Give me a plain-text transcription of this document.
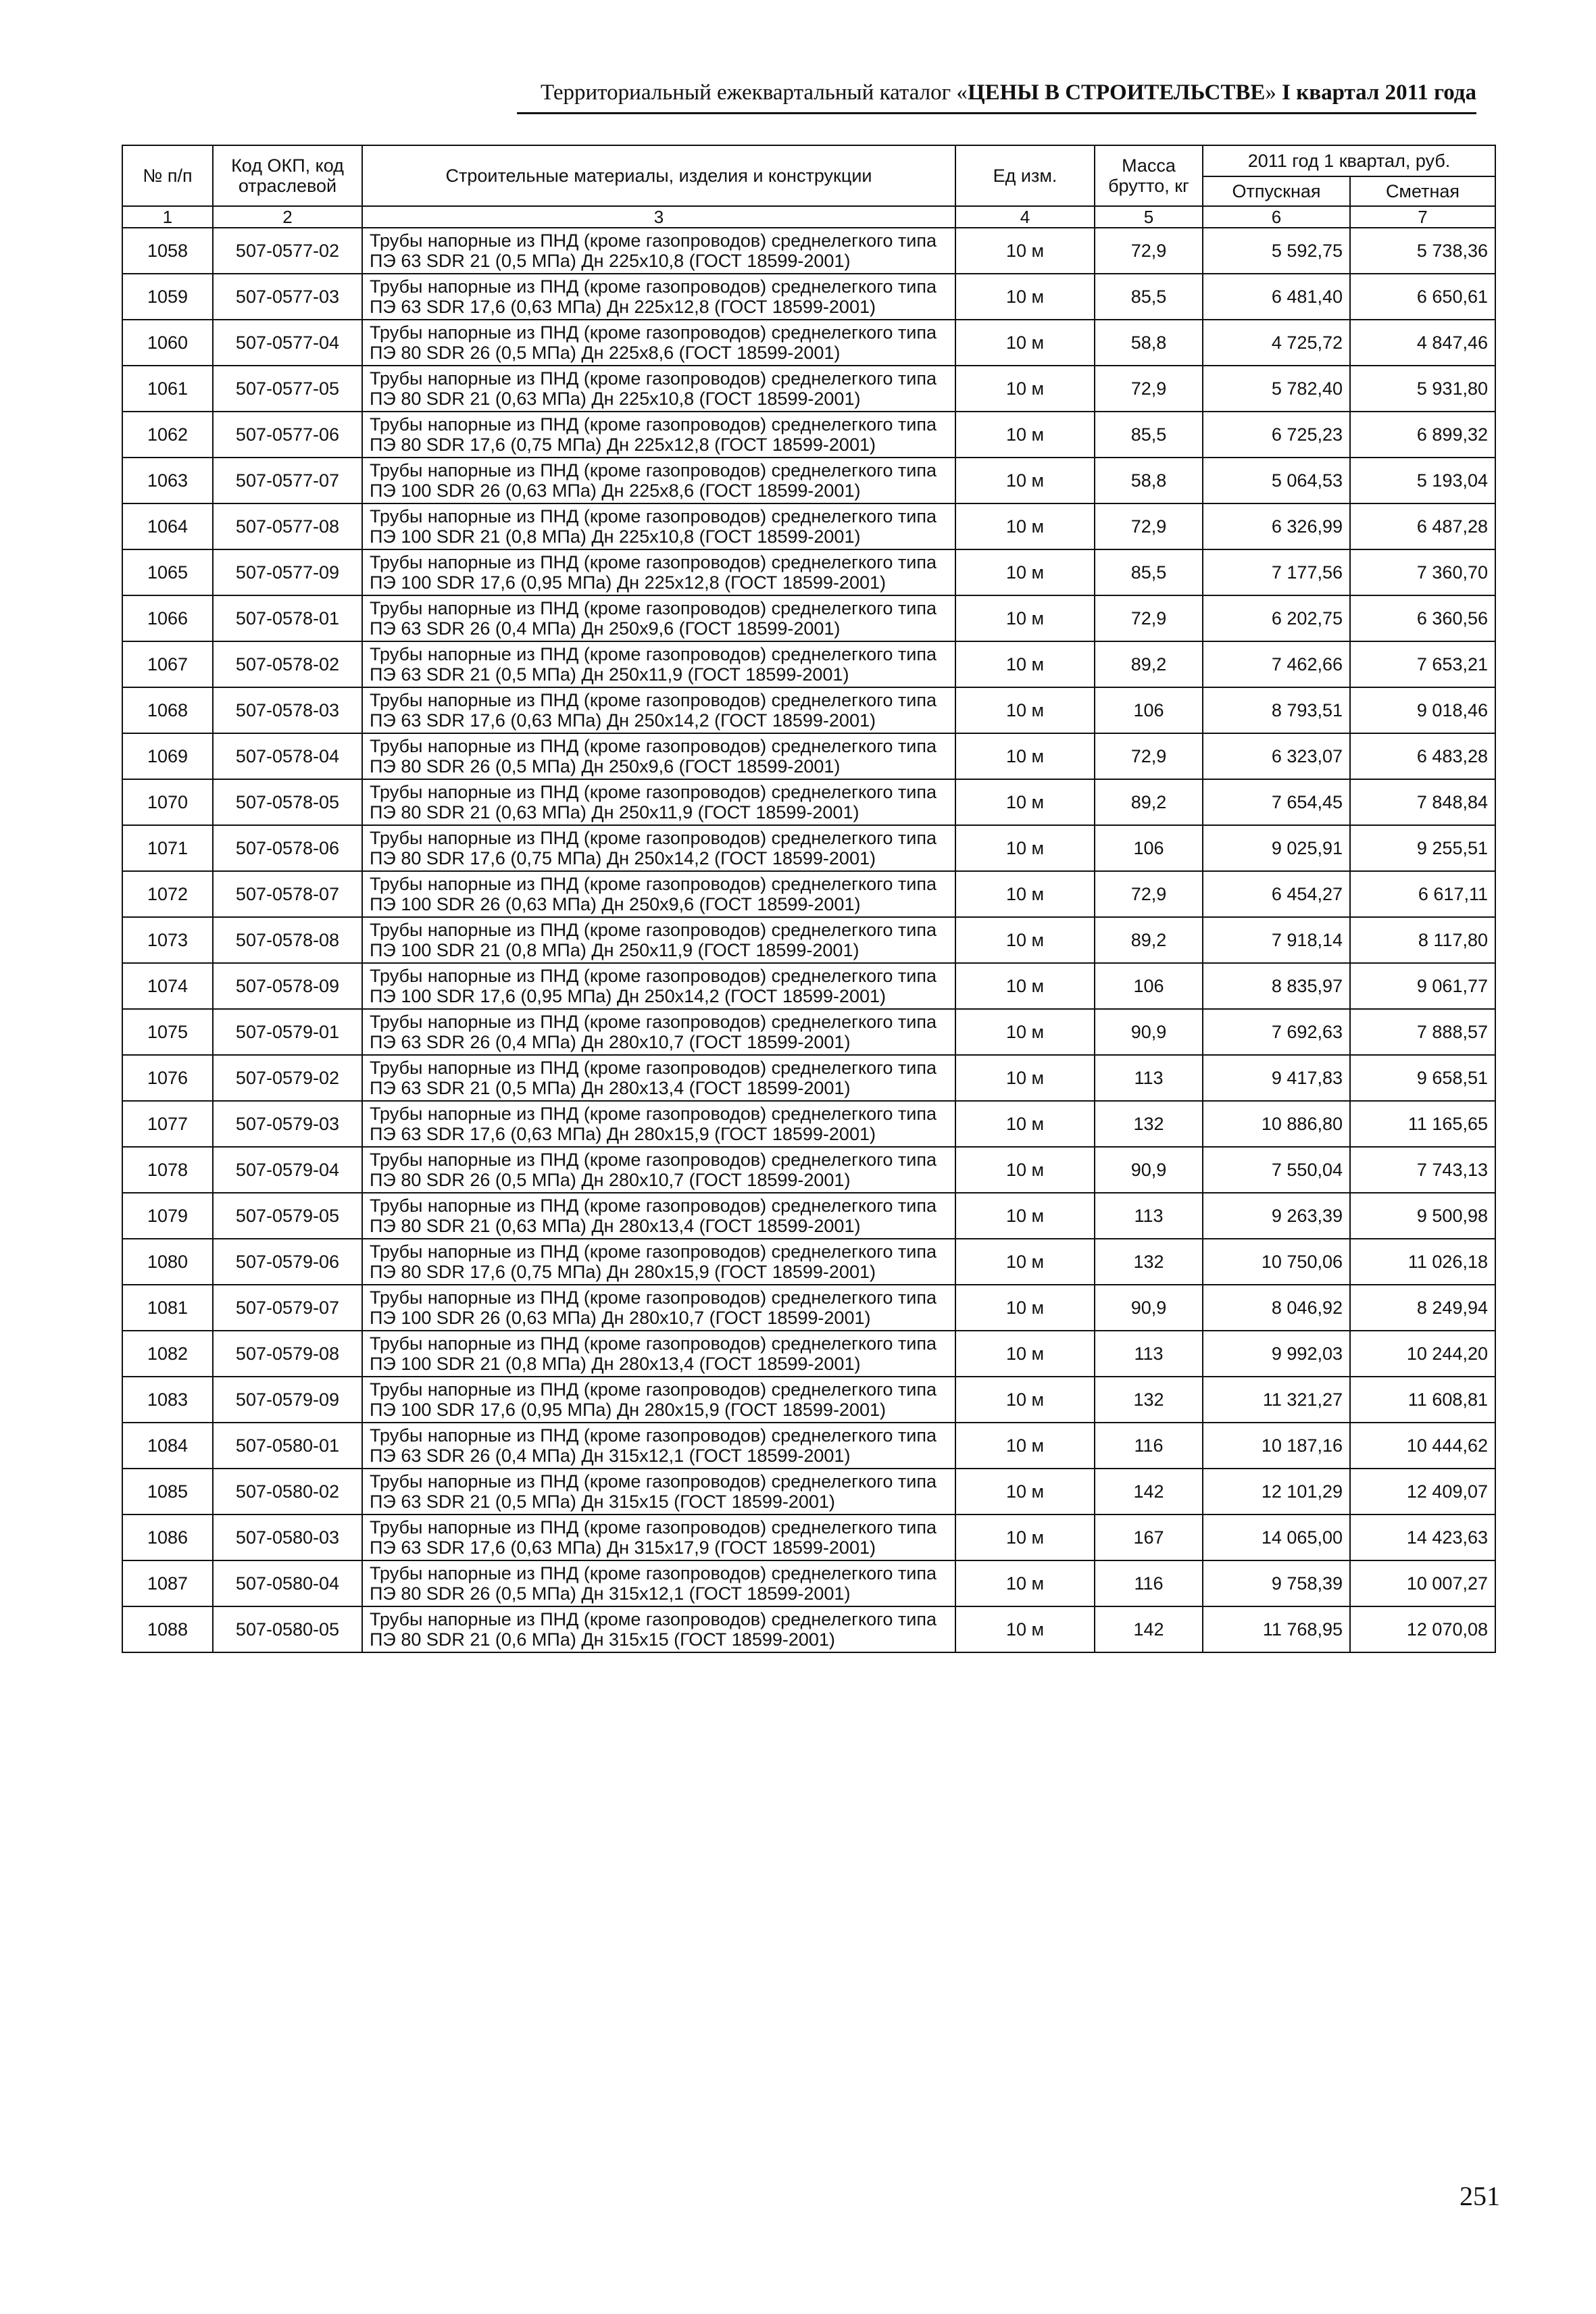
Территориальный ежеквартальный каталог «ЦЕНЫ В СТРОИТЕЛЬСТВЕ» I квартал 2011 года
№ п/п	Код ОКП, код отраслевой	Строительные материалы, изделия и конструкции	Ед изм.	Масса брутто, кг	2011 год 1 квартал, руб.	
					Отпускная	Сметная
1	2	3	4	5	6	7
1058	507-0577-02	Трубы напорные из ПНД (кроме газопроводов) среднелегкого типа ПЭ 63 SDR 21 (0,5 МПа) Дн 225х10,8 (ГОСТ 18599-2001)	10 м	72,9	5 592,75	5 738,36
1059	507-0577-03	Трубы напорные из ПНД (кроме газопроводов) среднелегкого типа ПЭ 63 SDR 17,6 (0,63 МПа) Дн 225х12,8 (ГОСТ 18599-2001)	10 м	85,5	6 481,40	6 650,61
1060	507-0577-04	Трубы напорные из ПНД (кроме газопроводов) среднелегкого типа ПЭ 80 SDR 26 (0,5 МПа) Дн 225х8,6 (ГОСТ 18599-2001)	10 м	58,8	4 725,72	4 847,46
1061	507-0577-05	Трубы напорные из ПНД (кроме газопроводов) среднелегкого типа ПЭ 80 SDR 21 (0,63 МПа) Дн 225х10,8 (ГОСТ 18599-2001)	10 м	72,9	5 782,40	5 931,80
1062	507-0577-06	Трубы напорные из ПНД (кроме газопроводов) среднелегкого типа ПЭ 80 SDR 17,6 (0,75 МПа) Дн 225х12,8 (ГОСТ 18599-2001)	10 м	85,5	6 725,23	6 899,32
1063	507-0577-07	Трубы напорные из ПНД (кроме газопроводов) среднелегкого типа ПЭ 100 SDR 26 (0,63 МПа) Дн 225х8,6 (ГОСТ 18599-2001)	10 м	58,8	5 064,53	5 193,04
1064	507-0577-08	Трубы напорные из ПНД (кроме газопроводов) среднелегкого типа ПЭ 100 SDR 21 (0,8 МПа) Дн 225х10,8 (ГОСТ 18599-2001)	10 м	72,9	6 326,99	6 487,28
1065	507-0577-09	Трубы напорные из ПНД (кроме газопроводов) среднелегкого типа ПЭ 100 SDR 17,6 (0,95 МПа) Дн 225х12,8 (ГОСТ 18599-2001)	10 м	85,5	7 177,56	7 360,70
1066	507-0578-01	Трубы напорные из ПНД (кроме газопроводов) среднелегкого типа ПЭ 63 SDR 26 (0,4 МПа) Дн 250х9,6 (ГОСТ 18599-2001)	10 м	72,9	6 202,75	6 360,56
1067	507-0578-02	Трубы напорные из ПНД (кроме газопроводов) среднелегкого типа ПЭ 63 SDR 21 (0,5 МПа) Дн 250х11,9 (ГОСТ 18599-2001)	10 м	89,2	7 462,66	7 653,21
1068	507-0578-03	Трубы напорные из ПНД (кроме газопроводов) среднелегкого типа ПЭ 63 SDR 17,6 (0,63 МПа) Дн 250х14,2 (ГОСТ 18599-2001)	10 м	106	8 793,51	9 018,46
1069	507-0578-04	Трубы напорные из ПНД (кроме газопроводов) среднелегкого типа ПЭ 80 SDR 26 (0,5 МПа) Дн 250х9,6 (ГОСТ 18599-2001)	10 м	72,9	6 323,07	6 483,28
1070	507-0578-05	Трубы напорные из ПНД (кроме газопроводов) среднелегкого типа ПЭ 80 SDR 21 (0,63 МПа) Дн 250х11,9 (ГОСТ 18599-2001)	10 м	89,2	7 654,45	7 848,84
1071	507-0578-06	Трубы напорные из ПНД (кроме газопроводов) среднелегкого типа ПЭ 80 SDR 17,6 (0,75 МПа) Дн 250х14,2 (ГОСТ 18599-2001)	10 м	106	9 025,91	9 255,51
1072	507-0578-07	Трубы напорные из ПНД (кроме газопроводов) среднелегкого типа ПЭ 100 SDR 26 (0,63 МПа) Дн 250х9,6 (ГОСТ 18599-2001)	10 м	72,9	6 454,27	6 617,11
1073	507-0578-08	Трубы напорные из ПНД (кроме газопроводов) среднелегкого типа ПЭ 100 SDR 21 (0,8 МПа) Дн 250х11,9 (ГОСТ 18599-2001)	10 м	89,2	7 918,14	8 117,80
1074	507-0578-09	Трубы напорные из ПНД (кроме газопроводов) среднелегкого типа ПЭ 100 SDR 17,6 (0,95 МПа) Дн 250х14,2 (ГОСТ 18599-2001)	10 м	106	8 835,97	9 061,77
1075	507-0579-01	Трубы напорные из ПНД (кроме газопроводов) среднелегкого типа ПЭ 63 SDR 26 (0,4 МПа) Дн 280х10,7 (ГОСТ 18599-2001)	10 м	90,9	7 692,63	7 888,57
1076	507-0579-02	Трубы напорные из ПНД (кроме газопроводов) среднелегкого типа ПЭ 63 SDR 21 (0,5 МПа) Дн 280х13,4 (ГОСТ 18599-2001)	10 м	113	9 417,83	9 658,51
1077	507-0579-03	Трубы напорные из ПНД (кроме газопроводов) среднелегкого типа ПЭ 63 SDR 17,6 (0,63 МПа) Дн 280х15,9 (ГОСТ 18599-2001)	10 м	132	10 886,80	11 165,65
1078	507-0579-04	Трубы напорные из ПНД (кроме газопроводов) среднелегкого типа ПЭ 80 SDR 26 (0,5 МПа) Дн 280х10,7 (ГОСТ 18599-2001)	10 м	90,9	7 550,04	7 743,13
1079	507-0579-05	Трубы напорные из ПНД (кроме газопроводов) среднелегкого типа ПЭ 80 SDR 21 (0,63 МПа) Дн 280х13,4 (ГОСТ 18599-2001)	10 м	113	9 263,39	9 500,98
1080	507-0579-06	Трубы напорные из ПНД (кроме газопроводов) среднелегкого типа ПЭ 80 SDR 17,6 (0,75 МПа) Дн 280х15,9 (ГОСТ 18599-2001)	10 м	132	10 750,06	11 026,18
1081	507-0579-07	Трубы напорные из ПНД (кроме газопроводов) среднелегкого типа ПЭ 100 SDR 26 (0,63 МПа) Дн 280х10,7 (ГОСТ 18599-2001)	10 м	90,9	8 046,92	8 249,94
1082	507-0579-08	Трубы напорные из ПНД (кроме газопроводов) среднелегкого типа ПЭ 100 SDR 21 (0,8 МПа) Дн 280х13,4 (ГОСТ 18599-2001)	10 м	113	9 992,03	10 244,20
1083	507-0579-09	Трубы напорные из ПНД (кроме газопроводов) среднелегкого типа ПЭ 100 SDR 17,6 (0,95 МПа) Дн 280х15,9 (ГОСТ 18599-2001)	10 м	132	11 321,27	11 608,81
1084	507-0580-01	Трубы напорные из ПНД (кроме газопроводов) среднелегкого типа ПЭ 63 SDR 26 (0,4 МПа) Дн 315х12,1 (ГОСТ 18599-2001)	10 м	116	10 187,16	10 444,62
1085	507-0580-02	Трубы напорные из ПНД (кроме газопроводов) среднелегкого типа ПЭ 63 SDR 21 (0,5 МПа) Дн 315х15 (ГОСТ 18599-2001)	10 м	142	12 101,29	12 409,07
1086	507-0580-03	Трубы напорные из ПНД (кроме газопроводов) среднелегкого типа ПЭ 63 SDR 17,6 (0,63 МПа) Дн 315х17,9 (ГОСТ 18599-2001)	10 м	167	14 065,00	14 423,63
1087	507-0580-04	Трубы напорные из ПНД (кроме газопроводов) среднелегкого типа ПЭ 80 SDR 26 (0,5 МПа) Дн 315х12,1 (ГОСТ 18599-2001)	10 м	116	9 758,39	10 007,27
1088	507-0580-05	Трубы напорные из ПНД (кроме газопроводов) среднелегкого типа ПЭ 80 SDR 21 (0,6 МПа) Дн 315х15 (ГОСТ 18599-2001)	10 м	142	11 768,95	12 070,08
251
